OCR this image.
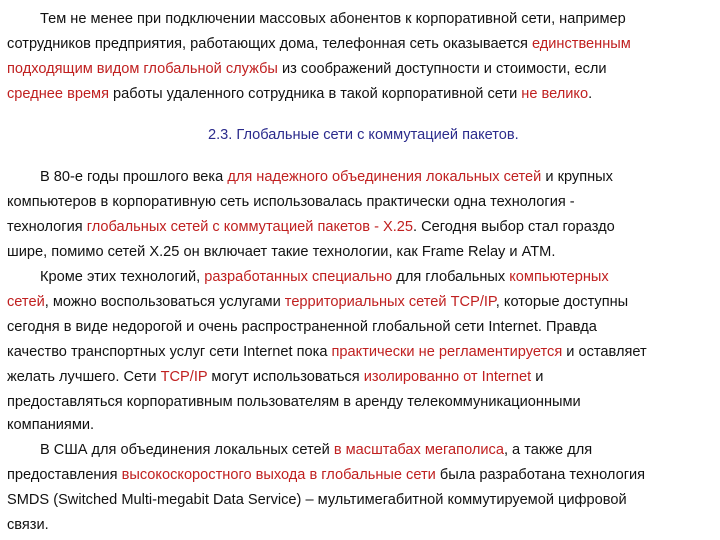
Тем не менее при подключении массовых абонентов к корпоративной сети, например
сотрудников предприятия, работающих дома, телефонная сеть оказывается единственным
подходящим видом глобальной службы из соображений доступности и стоимости, если
среднее время работы удаленного сотрудника в такой корпоративной сети не велико.
2.3. Глобальные сети с коммутацией пакетов.
В 80-е годы прошлого века для надежного объединения локальных сетей и крупных
компьютеров в корпоративную сеть использовалась практически одна технология -
технология глобальных сетей с коммутацией пакетов - X.25. Сегодня выбор стал гораздо
шире, помимо сетей X.25 он включает такие технологии, как Frame Relay и ATM.
Кроме этих технологий, разработанных специально для глобальных компьютерных
сетей, можно воспользоваться услугами территориальных сетей TCP/IP, которые доступны
сегодня в виде недорогой и очень распространенной глобальной сети Internet. Правда
качество транспортных услуг сети Internet пока практически не регламентируется и оставляет
желать лучшего. Сети TCP/IP могут использоваться изолированно от Internet и
предоставляться корпоративным пользователям в аренду телекоммуникационными
компаниями.
В США для объединения локальных сетей в масштабах мегаполиса, а также для
предоставления высокоскоростного выхода в глобальные сети была разработана технология
SMDS (Switched Multi-megabit Data Service) – мультимегабитной коммутируемой цифровой
связи.
